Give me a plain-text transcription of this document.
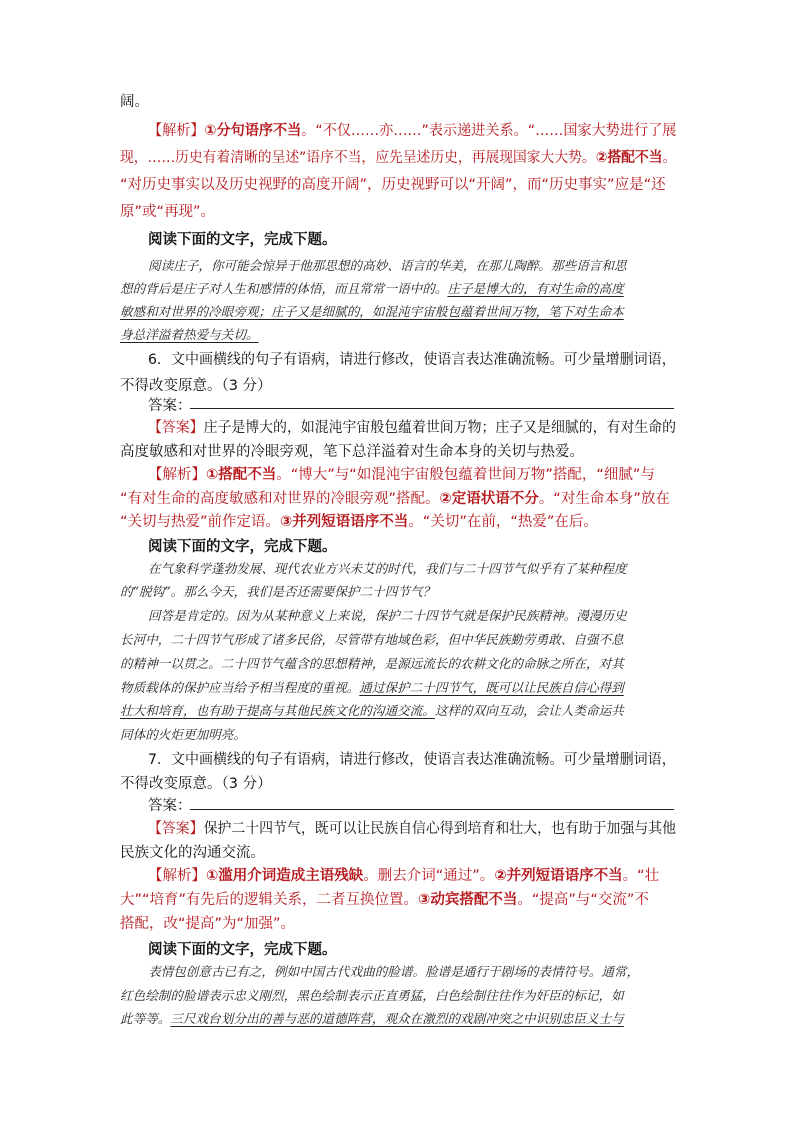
阔。
【解析】①分句语序不当。“不仅……亦……”表示递进关系。“……国家大势进行了展
现，……历史有着清晰的呈述”语序不当，应先呈述历史，再展现国家大大势。②搭配不当。
“对历史事实以及历史视野的高度开阔”，历史视野可以“开阔”，而“历史事实”应是“还
原”或“再现”。
阅读下面的文字，完成下题。
阅读庄子，你可能会惊异于他那思想的高妙、语言的华美，在那儿陶醉。那些语言和思
想的背后是庄子对人生和感情的体悟，而且常常一语中的。庄子是博大的，有对生命的高度
敏感和对世界的冷眼旁观；庄子又是细腻的，如混沌宇宙般包蕴着世间万物，笔下对生命本
身总洋溢着热爱与关切。
6．文中画横线的句子有语病，请进行修改，使语言表达准确流畅。可少量增删词语，
不得改变原意。（3 分）
答案：
【答案】庄子是博大的，如混沌宇宙般包蕴着世间万物；庄子又是细腻的，有对生命的
高度敏感和对世界的冷眼旁观，笔下总洋溢着对生命本身的关切与热爱。
【解析】①搭配不当。“博大”与“如混沌宇宙般包蕴着世间万物”搭配，“细腻”与
“有对生命的高度敏感和对世界的冷眼旁观”搭配。②定语状语不分。“对生命本身”放在
“关切与热爱”前作定语。③并列短语语序不当。“关切”在前，“热爱”在后。
阅读下面的文字，完成下题。
在气象科学蓬勃发展、现代农业方兴未艾的时代，我们与二十四节气似乎有了某种程度
的“脱钩”。那么今天，我们是否还需要保护二十四节气？
回答是肯定的。因为从某种意义上来说，保护二十四节气就是保护民族精神。漫漫历史
长河中，二十四节气形成了诸多民俗，尽管带有地域色彩，但中华民族勤劳勇敢、自强不息
的精神一以贯之。二十四节气蕴含的思想精神，是源远流长的农耕文化的命脉之所在，对其
物质载体的保护应当给予相当程度的重视。通过保护二十四节气，既可以让民族自信心得到
壮大和培育，也有助于提高与其他民族文化的沟通交流。这样的双向互动，会让人类命运共
同体的火炬更加明亮。
7．文中画横线的句子有语病，请进行修改，使语言表达准确流畅。可少量增删词语，
不得改变原意。（3 分）
答案：
【答案】保护二十四节气，既可以让民族自信心得到培育和壮大，也有助于加强与其他
民族文化的沟通交流。
【解析】①滥用介词造成主语残缺。删去介词“通过”。②并列短语语序不当。“壮
大”“培育”有先后的逻辑关系，二者互换位置。③动宾搭配不当。“提高”与“交流”不
搭配，改“提高”为“加强”。
阅读下面的文字，完成下题。
表情包创意古已有之，例如中国古代戏曲的脸谱。脸谱是通行于剧场的表情符号。通常，
红色绘制的脸谱表示忠义刚烈，黑色绘制表示正直勇猛，白色绘制往往作为奸臣的标记，如
此等等。三尺戏台划分出的善与恶的道德阵营，观众在激烈的戏剧冲突之中识别忠臣义士与
